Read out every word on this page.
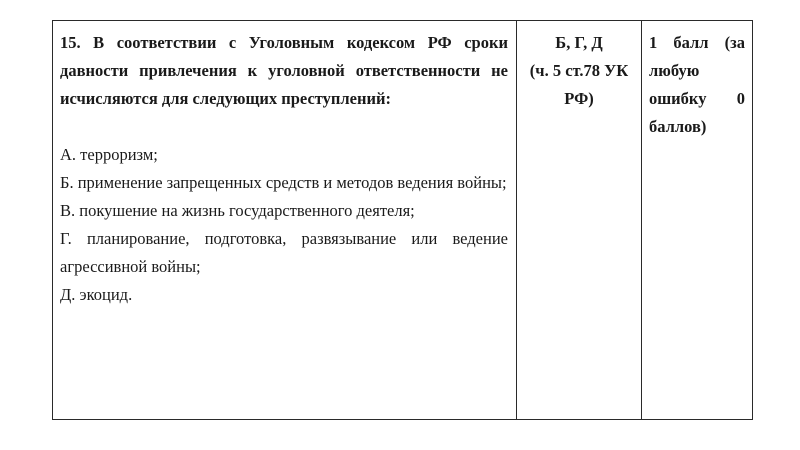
15. В соответствии с Уголовным кодексом РФ сроки давности привлечения к уголовной ответственности не исчисляются для следующих преступлений:

А. терроризм;

Б. применение запрещенных средств и методов ведения войны;

В. покушение на жизнь государственного деятеля;

Г. планирование, подготовка, развязывание или ведение агрессивной войны;

Д. экоцид.

Б, Г, Д
(ч. 5 ст.78 УК РФ)
1 балл (за любую ошибку 0 баллов)
